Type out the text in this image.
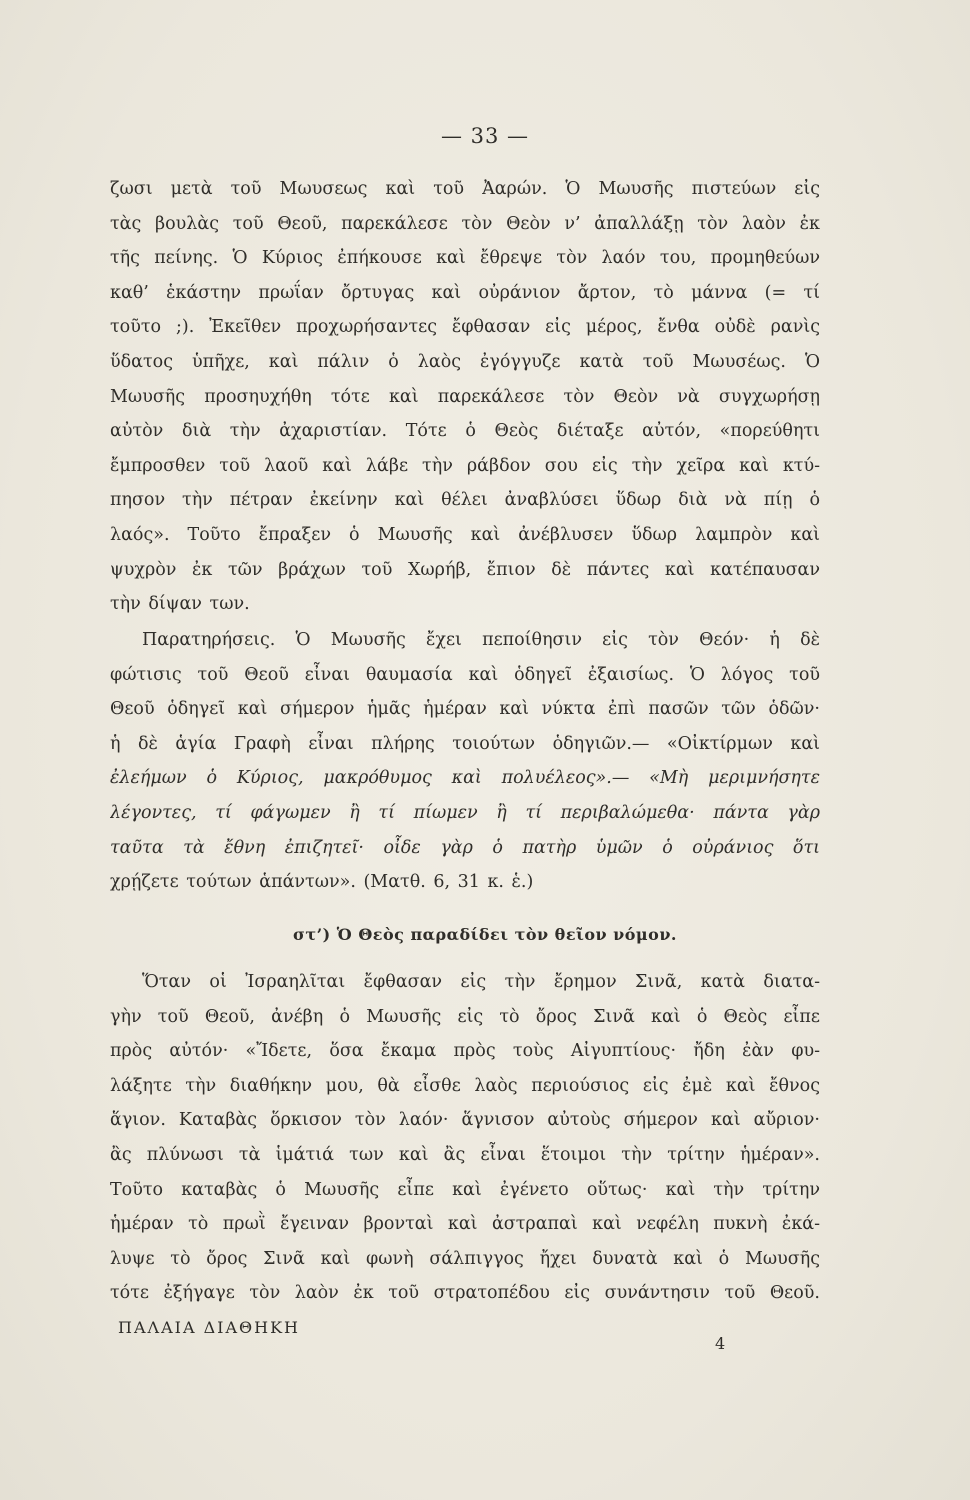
— 33 —
ζωσι μετὰ τοῦ Μωυσεως καὶ τοῦ Ἀαρών. Ὁ Μωυσῆς πιστεύων εἰς
τὰς βουλὰς τοῦ Θεοῦ, παρεκάλεσε τὸν Θεὸν ν’ ἀπαλλάξῃ τὸν λαὸν ἐκ
τῆς πείνης. Ὁ Κύριος ἐπήκουσε καὶ ἔθρεψε τὸν λαόν του, προμηθεύων
καθ’ ἑκάστην πρωΐαν ὄρτυγας καὶ οὐράνιον ἄρτον, τὸ μάννα (= τί
τοῦτο ;). Ἐκεῖθεν προχωρήσαντες ἔφθασαν εἰς μέρος, ἔνθα οὐδὲ ρανὶς
ὕδατος ὑπῆχε, καὶ πάλιν ὁ λαὸς ἐγόγγυζε κατὰ τοῦ Μωυσέως. Ὁ
Μωυσῆς προσηυχήθη τότε καὶ παρεκάλεσε τὸν Θεὸν νὰ συγχωρήσῃ
αὐτὸν διὰ τὴν ἀχαριστίαν. Τότε ὁ Θεὸς διέταξε αὐτόν, «πορεύθητι
ἔμπροσθεν τοῦ λαοῦ καὶ λάβε τὴν ράβδον σου εἰς τὴν χεῖρα καὶ κτύ-
πησον τὴν πέτραν ἐκείνην καὶ θέλει ἀναβλύσει ὕδωρ διὰ νὰ πίῃ ὁ
λαός». Τοῦτο ἔπραξεν ὁ Μωυσῆς καὶ ἀνέβλυσεν ὕδωρ λαμπρὸν καὶ
ψυχρὸν ἐκ τῶν βράχων τοῦ Χωρήβ, ἔπιον δὲ πάντες καὶ κατέπαυσαν
τὴν δίψαν των.
Παρατηρήσεις. Ὁ Μωυσῆς ἔχει πεποίθησιν εἰς τὸν Θεόν· ἡ δὲ
φώτισις τοῦ Θεοῦ εἶναι θαυμασία καὶ ὁδηγεῖ ἐξαισίως. Ὁ λόγος τοῦ
Θεοῦ ὁδηγεῖ καὶ σήμερον ἡμᾶς ἡμέραν καὶ νύκτα ἐπὶ πασῶν τῶν ὁδῶν·
ἡ δὲ ἁγία Γραφὴ εἶναι πλήρης τοιούτων ὁδηγιῶν.— «Οἰκτίρμων καὶ
ἐλεήμων ὁ Κύριος, μακρόθυμος καὶ πολυέλεος».— «Μὴ μεριμνήσητε
λέγοντες, τί φάγωμεν ἢ τί πίωμεν ἢ τί περιβαλώμεθα· πάντα γὰρ
ταῦτα τὰ ἔθνη ἐπιζητεῖ· οἶδε γὰρ ὁ πατὴρ ὑμῶν ὁ οὐράνιος ὅτι
χρῄζετε τούτων ἁπάντων». (Ματθ. 6, 31 κ. ἑ.)
στ’) Ὁ Θεὸς παραδίδει τὸν θεῖον νόμον.
Ὅταν οἱ Ἰσραηλῖται ἔφθασαν εἰς τὴν ἔρημον Σινᾶ, κατὰ διατα-
γὴν τοῦ Θεοῦ, ἀνέβη ὁ Μωυσῆς εἰς τὸ ὄρος Σινᾶ καὶ ὁ Θεὸς εἶπε
πρὸς αὐτόν· «Ἴδετε, ὅσα ἔκαμα πρὸς τοὺς Αἰγυπτίους· ἤδη ἐὰν φυ-
λάξητε τὴν διαθήκην μου, θὰ εἶσθε λαὸς περιούσιος εἰς ἐμὲ καὶ ἔθνος
ἅγιον. Καταβὰς ὅρκισον τὸν λαόν· ἅγνισον αὐτοὺς σήμερον καὶ αὔριον·
ἂς πλύνωσι τὰ ἱμάτιά των καὶ ἂς εἶναι ἕτοιμοι τὴν τρίτην ἡμέραν».
Τοῦτο καταβὰς ὁ Μωυσῆς εἶπε καὶ ἐγένετο οὕτως· καὶ τὴν τρίτην
ἡμέραν τὸ πρωῒ ἔγειναν βρονταὶ καὶ ἀστραπαὶ καὶ νεφέλη πυκνὴ ἐκά-
λυψε τὸ ὄρος Σινᾶ καὶ φωνὴ σάλπιγγος ἤχει δυνατὰ καὶ ὁ Μωυσῆς
τότε ἐξήγαγε τὸν λαὸν ἐκ τοῦ στρατοπέδου εἰς συνάντησιν τοῦ Θεοῦ.
ΠΑΛΑΙΑ ΔΙΑΘΗΚΗ
4
